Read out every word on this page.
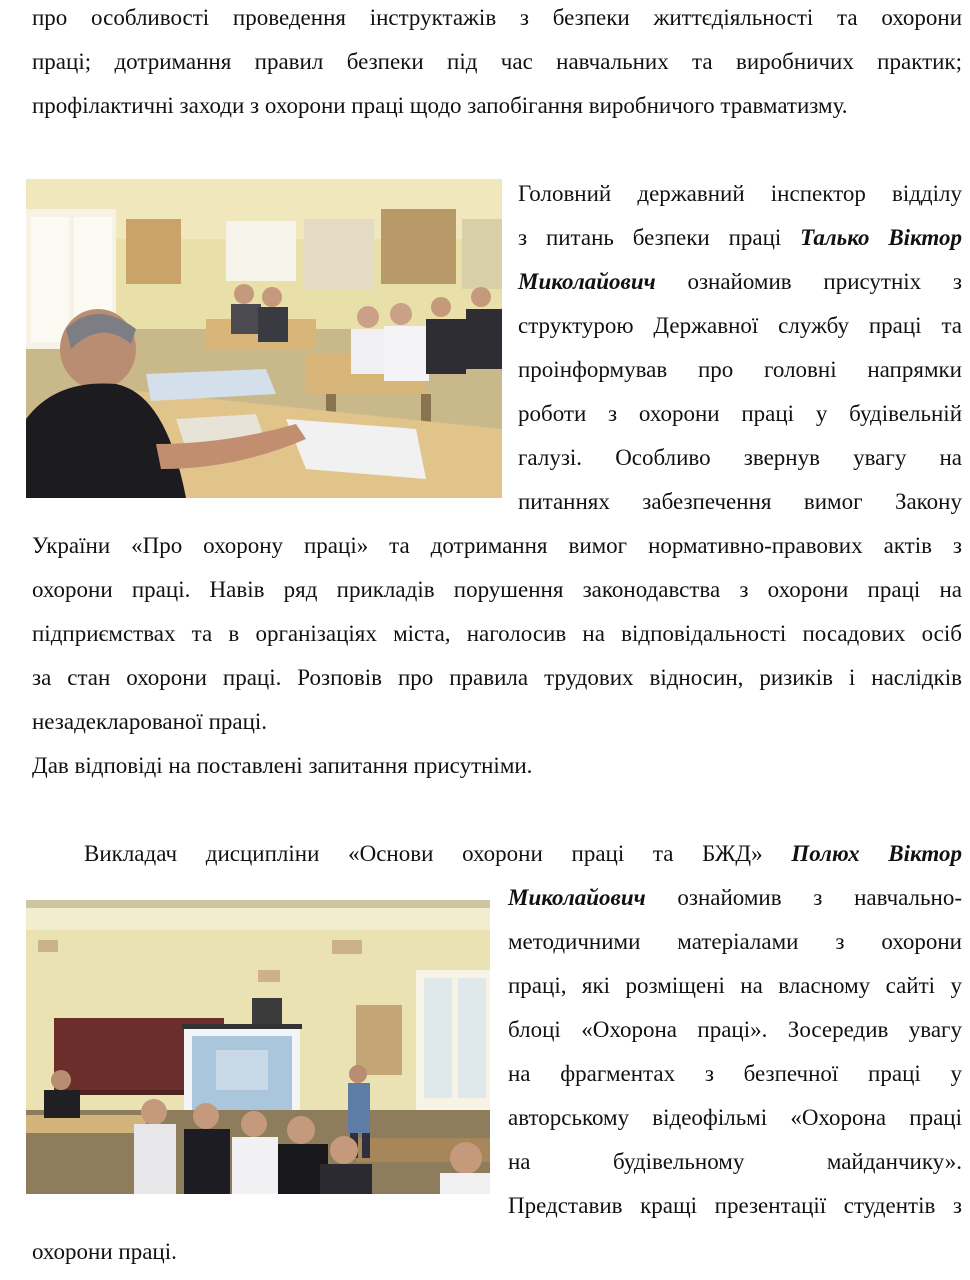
про особливості проведення інструктажів з безпеки життєдіяльності та охорони
праці; дотримання правил безпеки під час навчальних та виробничих практик;
профілактичні заходи з охорони праці щодо запобігання виробничого травматизму.
Головний державний інспектор відділу
з питань безпеки праці Талько Віктор
Миколайович ознайомив присутніх з
структурою Державної службу праці та
проінформував про головні напрямки
роботи з охорони праці у будівельній
галузі. Особливо звернув увагу на
питаннях забезпечення вимог Закону
України «Про охорону праці» та дотримання вимог нормативно-правових актів з
охорони праці. Навів ряд прикладів порушення законодавства з охорони праці на
підприємствах та в організаціях міста, наголосив на відповідальності посадових осіб
за стан охорони праці. Розповів про правила трудових відносин, ризиків і наслідків
незадекларованої праці.
Дав відповіді на поставлені запитання присутніми.
Викладач дисципліни «Основи охорони праці та БЖД» Полюх Віктор
Миколайович ознайомив з навчально-
методичними матеріалами з охорони
праці, які розміщені на власному сайті у
блоці «Охорона праці». Зосередив увагу
на фрагментах з безпечної праці у
авторському відеофільмі «Охорона праці
на будівельному майданчику».
Представив кращі презентації студентів з
охорони праці.
